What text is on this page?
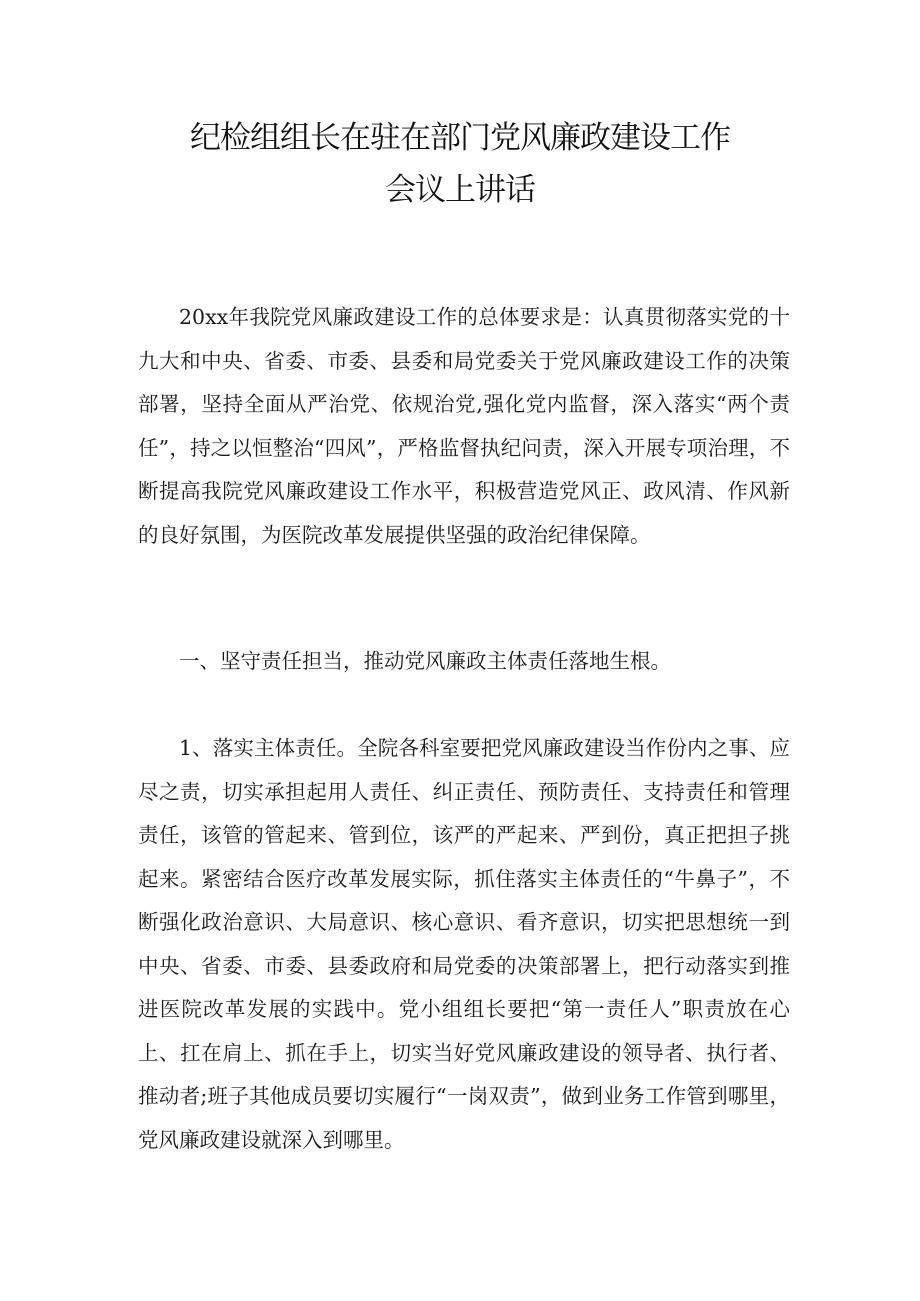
纪检组组长在驻在部门党风廉政建设工作
会议上讲话

20xx年我院党风廉政建设工作的总体要求是：认真贯彻落实党的十九大和中央、省委、市委、县委和局党委关于党风廉政建设工作的决策部署，坚持全面从严治党、依规治党,强化党内监督，深入落实“两个责任”，持之以恒整治“四风”，严格监督执纪问责，深入开展专项治理，不断提高我院党风廉政建设工作水平，积极营造党风正、政风清、作风新的良好氛围，为医院改革发展提供坚强的政治纪律保障。

一、坚守责任担当，推动党风廉政主体责任落地生根。

1、落实主体责任。全院各科室要把党风廉政建设当作份内之事、应尽之责，切实承担起用人责任、纠正责任、预防责任、支持责任和管理责任，该管的管起来、管到位，该严的严起来、严到份，真正把担子挑起来。紧密结合医疗改革发展实际，抓住落实主体责任的“牛鼻子”，不断强化政治意识、大局意识、核心意识、看齐意识，切实把思想统一到中央、省委、市委、县委政府和局党委的决策部署上，把行动落实到推进医院改革发展的实践中。党小组组长要把“第一责任人”职责放在心上、扛在肩上、抓在手上，切实当好党风廉政建设的领导者、执行者、推动者;班子其他成员要切实履行“一岗双责”，做到业务工作管到哪里，党风廉政建设就深入到哪里。
